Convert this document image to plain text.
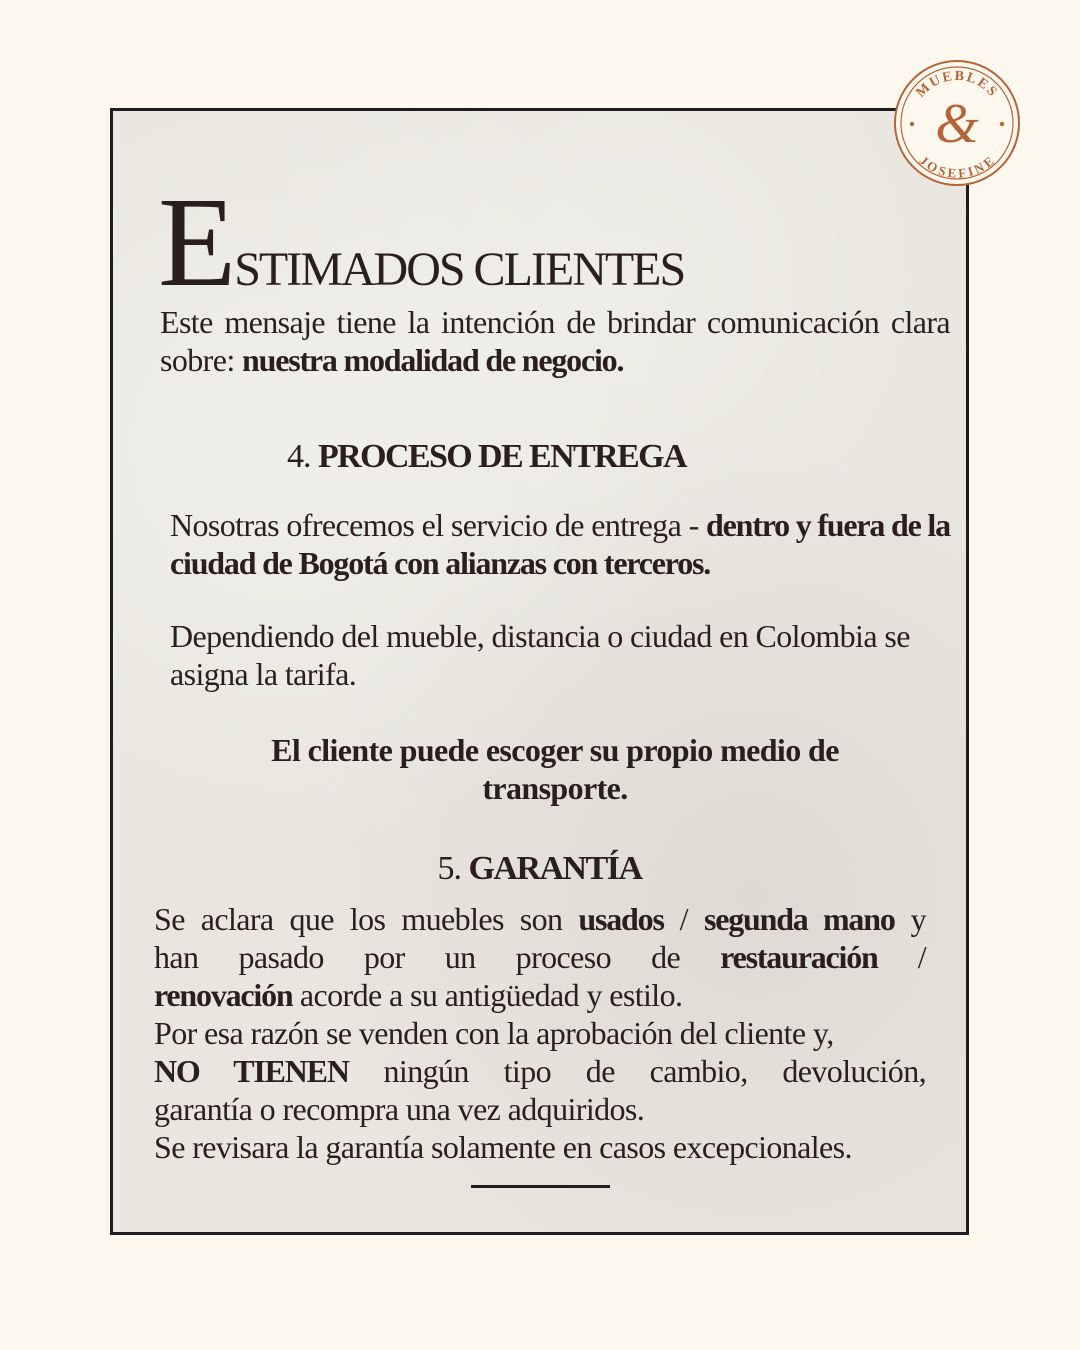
MUEBLES
JOSEFINE
&
ESTIMADOS CLIENTES
Este mensaje tiene la intención de brindar comunicación clara sobre: nuestra modalidad de negocio.
4. PROCESO DE ENTREGA
Nosotras ofrecemos el servicio de entrega - dentro y fuera de la ciudad de Bogotá con alianzas con terceros.
Dependiendo del mueble, distancia o ciudad en Colombia se asigna la tarifa.
El cliente puede escoger su propio medio de transporte.
5. GARANTÍA
Se aclara que los muebles son usados / segunda mano y
han pasado por un proceso de restauración /
renovación acorde a su antigüedad y estilo.
Por esa razón se venden con la aprobación del cliente y,
NO TIENEN ningún tipo de cambio, devolución,
garantía o recompra una vez adquiridos.
Se revisara la garantía solamente en casos excepcionales.
